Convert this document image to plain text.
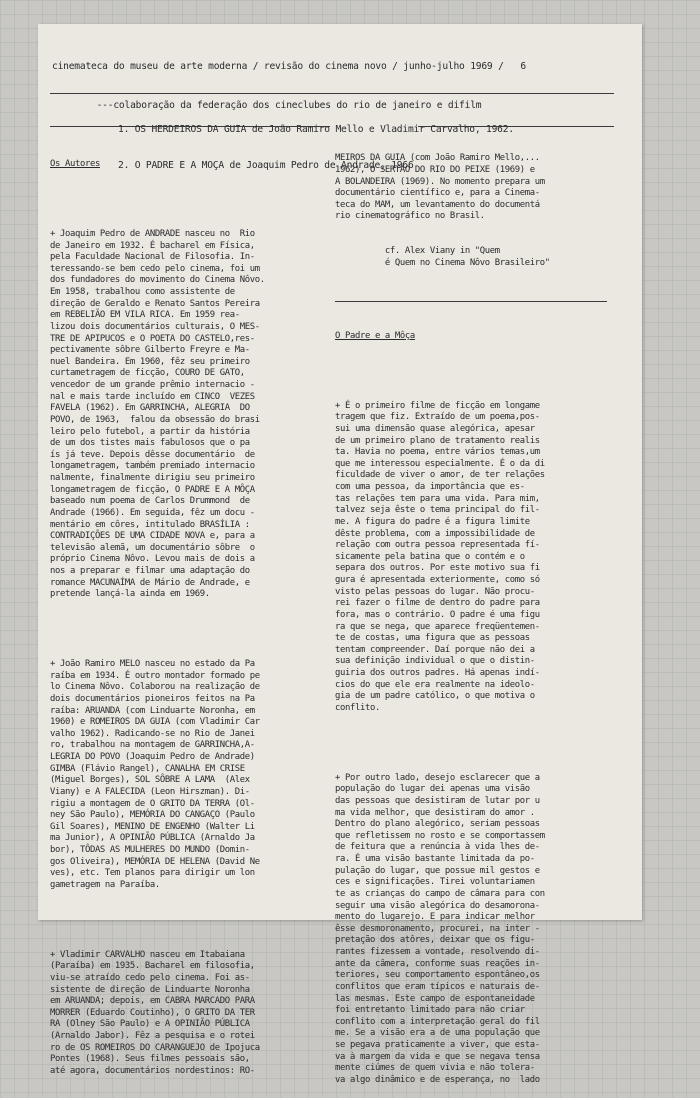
cinemateca do museu de arte moderna / revisão do cinema novo / junho-julho 1969 /   6

---colaboração da federação dos cineclubes do rio de janeiro e difilm

1. OS HERDEIROS DA GUIA de João Ramiro Mello e Vladimir Carvalho, 1962.

2. O PADRE E A MOÇA de Joaquim Pedro de Andrade, 1966

Os Autores

+ Joaquim Pedro de ANDRADE nasceu no  Rio
de Janeiro em 1932. É bacharel em Física,
pela Faculdade Nacional de Filosofia. In-
teressando-se bem cedo pelo cinema, foi um
dos fundadores do movimento do Cinema Nôvo.
Em 1958, trabalhou como assistente de
direção de Geraldo e Renato Santos Pereira
em REBELIÃO EM VILA RICA. Em 1959 rea-
lizou dois documentários culturais, O MES-
TRE DE APIPUCOS e O POETA DO CASTELO,res-
pectivamente sôbre Gilberto Freyre e Ma-
nuel Bandeira. Em 1960, fêz seu primeiro
curtametragem de ficção, COURO DE GATO,
vencedor de um grande prêmio internacio -
nal e mais tarde incluído em CINCO  VEZES
FAVELA (1962). Em GARRINCHA, ALEGRIA  DO
POVO, de 1963,  falou da obsessão do brasi
leiro pelo futebol, a partir da história
de um dos tistes mais fabulosos que o pa
ís já teve. Depois dêsse documentário  de
longametragem, também premiado internacio
nalmente, finalmente dirigiu seu primeiro
longametragem de ficção, O PADRE E A MÔÇA
baseado num poema de Carlos Drummond  de
Andrade (1966). Em seguida, fêz um docu -
mentário em côres, intitulado BRASÍLIA :
CONTRADIÇÕES DE UMA CIDADE NOVA e, para a
televisão alemã, um documentário sôbre  o
próprio Cinema Nôvo. Levou mais de dois a
nos a preparar e filmar uma adaptação do
romance MACUNAÍMA de Mário de Andrade, e
pretende lançá-la ainda em 1969.

+ João Ramiro MELO nasceu no estado da Pa
raíba em 1934. É outro montador formado pe
lo Cinema Nôvo. Colaborou na realização de
dois documentários pioneiros feitos na Pa
raíba: ARUANDA (com Linduarte Noronha, em
1960) e ROMEIROS DA GUIA (com Vladimir Car
valho 1962). Radicando-se no Rio de Janei
ro, trabalhou na montagem de GARRINCHA,A-
LEGRIA DO POVO (Joaquim Pedro de Andrade)
GIMBA (Flávio Rangel), CANALHA EM CRISE
(Miguel Borges), SOL SÔBRE A LAMA  (Alex
Viany) e A FALECIDA (Leon Hirszman). Di-
rigiu a montagem de O GRITO DA TERRA (Ol-
ney São Paulo), MEMÓRIA DO CANGAÇO (Paulo
Gil Soares), MENINO DE ENGENHO (Walter Li
ma Junior), A OPINIÃO PÚBLICA (Arnaldo Ja
bor), TÔDAS AS MULHERES DO MUNDO (Domin-
gos Oliveira), MEMÓRIA DE HELENA (David Ne
ves), etc. Tem planos para dirigir um lon
gametragem na Paraíba.

+ Vladimir CARVALHO nasceu em Itabaiana
(Paraíba) em 1935. Bacharel em filosofia,
viu-se atraído cedo pelo cinema. Foi as-
sistente de direção de Linduarte Noronha
em ARUANDA; depois, em CABRA MARCADO PARA
MORRER (Eduardo Coutinho), O GRITO DA TER
RA (Olney São Paulo) e A OPINIÃO PÚBLICA
(Arnaldo Jabor). Fêz a pesquisa e o rotei
ro de OS ROMEIROS DO CARANGUEJO de Ipojuca
Pontes (1968). Seus filmes pessoais são,
até agora, documentários nordestinos: RO-

MEIROS DA GUIA (com João Ramiro Mello,...
1962), O SERTÃO DO RIO DO PEIXE (1969) e
A BOLANDEIRA (1969). No momento prepara um
documentário científico e, para a Cinema-
teca do MAM, um levantamento do documentá
rio cinematográfico no Brasil.

cf. Alex Viany in "Quem
é Quem no Cinema Nôvo Brasileiro"

O Padre e a Môça

+ É o primeiro filme de ficção em longame
tragem que fiz. Extraído de um poema,pos-
sui uma dimensão quase alegórica, apesar
de um primeiro plano de tratamento realis
ta. Havia no poema, entre vários temas,um
que me interessou especialmente. É o da di
ficuldade de viver o amor, de ter relações
com uma pessoa, da importância que es-
tas relações tem para uma vida. Para mim,
talvez seja êste o tema principal do fil-
me. A figura do padre é a figura limite
dêste problema, com a impossibilidade de
relação com outra pessoa representada fí-
sicamente pela batina que o contém e o
separa dos outros. Por este motivo sua fi
gura é apresentada exteriormente, como só
visto pelas pessoas do lugar. Não procu-
rei fazer o filme de dentro do padre para
fora, mas o contrário. O padre é uma figu
ra que se nega, que aparece freqüentemen-
te de costas, uma figura que as pessoas
tentam compreender. Daí porque não dei a
sua definição individual o que o distin-
guiria dos outros padres. Há apenas indí-
cios do que ele era realmente na ideolo-
gia de um padre católico, o que motiva o
conflito.

+ Por outro lado, desejo esclarecer que a
população do lugar dei apenas uma visão
das pessoas que desistiram de lutar por u
ma vida melhor, que desistiram do amor .
Dentro do plano alegórico, seriam pessoas
que refletissem no rosto e se comportassem
de feitura que a renúncia à vida lhes de-
ra. É uma visão bastante limitada da po-
pulação do lugar, que possue mil gestos e
ces e significações. Tirei voluntariamen
te as crianças do campo de câmara para con
seguir uma visão alegórica do desamorona-
mento do lugarejo. E para indicar melhor
êsse desmoronamento, procurei, na inter -
pretação dos atôres, deixar que os figu-
rantes fizessem a vontade, resolvendo di-
ante da câmera, conforme suas reações in-
teriores, seu comportamento espontâneo,os
conflitos que eram típicos e naturais de-
las mesmas. Este campo de espontaneidade
foi entretanto limitado para não criar
conflito com a interpretação geral do fil
me. Se a visão era a de uma população que
se pegava praticamente a viver, que esta-
va à margem da vida e que se negava tensa
mente ciúmes de quem vivia e não tolera-
va algo dinâmico e de esperança, no  lado
